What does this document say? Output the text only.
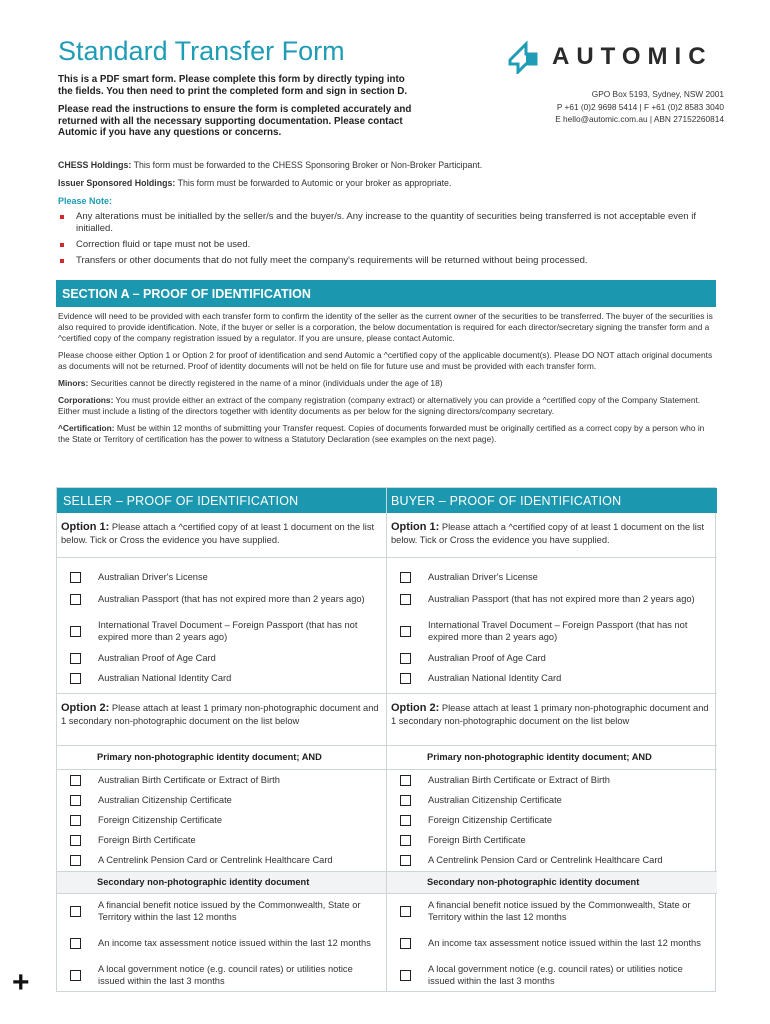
Standard Transfer Form

This is a PDF smart form. Please complete this form by directly typing into the fields. You then need to print the completed form and sign in section D.

Please read the instructions to ensure the form is completed accurately and returned with all the necessary supporting documentation. Please contact Automic if you have any questions or concerns.

AUTOMIC
GPO Box 5193, Sydney, NSW 2001
P +61 (0)2 9698 5414 | F +61 (0)2 8583 3040
E hello@automic.com.au | ABN 27152260814
CHESS Holdings: This form must be forwarded to the CHESS Sponsoring Broker or Non-Broker Participant.
Issuer Sponsored Holdings: This form must be forwarded to Automic or your broker as appropriate.
Please Note:
Any alterations must be initialled by the seller/s and the buyer/s. Any increase to the quantity of securities being transferred is not acceptable even if initialled.
Correction fluid or tape must not be used.
Transfers or other documents that do not fully meet the company's requirements will be returned without being processed.
SECTION A – PROOF OF IDENTIFICATION

Evidence will need to be provided with each transfer form to confirm the identity of the seller as the current owner of the securities to be transferred. The buyer of the securities is also required to provide identification. Note, if the buyer or seller is a corporation, the below documentation is required for each director/secretary signing the transfer form and a ^certified copy of the company registration issued by a regulator. If you are unsure, please contact Automic.

Please choose either Option 1 or Option 2 for proof of identification and send Automic a ^certified copy of the applicable document(s). Please DO NOT attach original documents as documents will not be returned. Proof of identity documents will not be held on file for future use and must be provided with each transfer form.

Minors: Securities cannot be directly registered in the name of a minor (individuals under the age of 18)

Corporations: You must provide either an extract of the company registration (company extract) or alternatively you can provide a ^certified copy of the Company Statement. Either must include a listing of the directors together with identity documents as per below for the signing directors/company secretary.

^Certification: Must be within 12 months of submitting your Transfer request. Copies of documents forwarded must be originally certified as a correct copy by a person who in the State or Territory of certification has the power to witness a Statutory Declaration (see examples on the next page).

SELLER – PROOF OF IDENTIFICATION
Option 1: Please attach a ^certified copy of at least 1 document on the list below. Tick or Cross the evidence you have supplied.
Australian Driver's License
Australian Passport (that has not expired more than 2 years ago)
International Travel Document – Foreign Passport (that has not expired more than 2 years ago)
Australian Proof of Age Card
Australian National Identity Card
Option 2: Please attach at least 1 primary non-photographic document and 1 secondary non-photographic document on the list below
Primary non-photographic identity document; AND
Australian Birth Certificate or Extract of Birth
Australian Citizenship Certificate
Foreign Citizenship Certificate
Foreign Birth Certificate
A Centrelink Pension Card or Centrelink Healthcare Card
Secondary non-photographic identity document
A financial benefit notice issued by the Commonwealth, State or Territory within the last 12 months
An income tax assessment notice issued within the last 12 months
A local government notice (e.g. council rates) or utilities notice issued within the last 3 months
BUYER – PROOF OF IDENTIFICATION
Option 1: Please attach a ^certified copy of at least 1 document on the list below. Tick or Cross the evidence you have supplied.
Australian Driver's License
Australian Passport (that has not expired more than 2 years ago)
International Travel Document – Foreign Passport (that has not expired more than 2 years ago)
Australian Proof of Age Card
Australian National Identity Card
Option 2: Please attach at least 1 primary non-photographic document and 1 secondary non-photographic document on the list below
Primary non-photographic identity document; AND
Australian Birth Certificate or Extract of Birth
Australian Citizenship Certificate
Foreign Citizenship Certificate
Foreign Birth Certificate
A Centrelink Pension Card or Centrelink Healthcare Card
Secondary non-photographic identity document
A financial benefit notice issued by the Commonwealth, State or Territory within the last 12 months
An income tax assessment notice issued within the last 12 months
A local government notice (e.g. council rates) or utilities notice issued within the last 3 months
+
